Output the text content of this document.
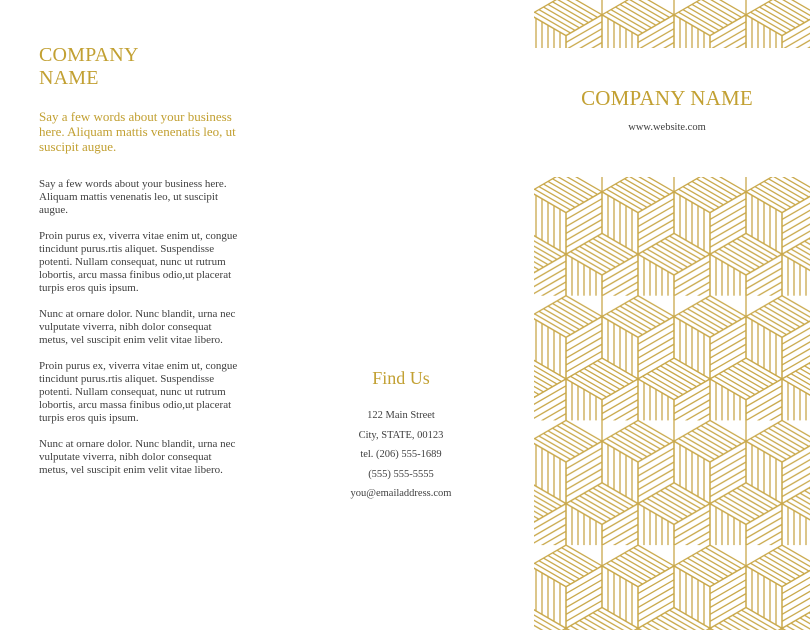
COMPANY
NAME
Say a few words about your business here. Aliquam mattis venenatis leo, ut suscipit augue.

Say a few words about your business here. Aliquam mattis venenatis leo, ut suscipit augue.

Proin purus ex, viverra vitae enim ut, congue tincidunt purus.rtis aliquet. Suspendisse potenti. Nullam consequat, nunc ut rutrum lobortis, arcu massa finibus odio,ut placerat turpis eros quis ipsum.

Nunc at ornare dolor. Nunc blandit, urna nec vulputate viverra, nibh dolor consequat metus, vel suscipit enim velit vitae libero.

Proin purus ex, viverra vitae enim ut, congue tincidunt purus.rtis aliquet. Suspendisse potenti. Nullam consequat, nunc ut rutrum lobortis, arcu massa finibus odio,ut placerat turpis eros quis ipsum.

Nunc at ornare dolor. Nunc blandit, urna nec vulputate viverra, nibh dolor consequat metus, vel suscipit enim velit vitae libero.

Find Us
122 Main Street
City, STATE, 00123
tel. (206) 555-1689
(555) 555-5555
you@emailaddress.com
COMPANY NAME
www.website.com
